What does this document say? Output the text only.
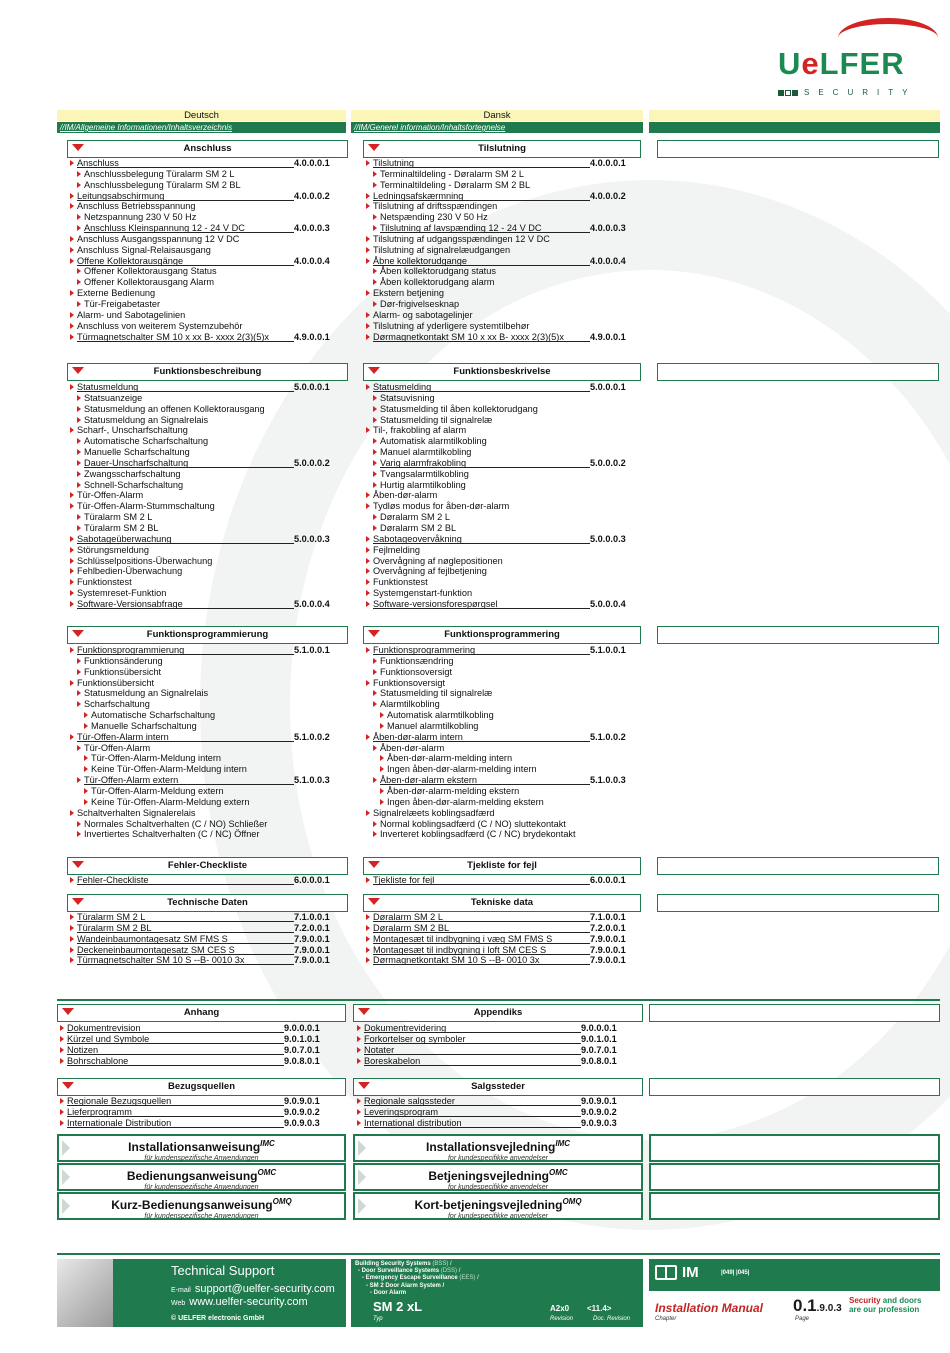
UeLFER
SECURITY
Deutsch	Dansk
//IM/Allgemeine Informationen/Inhaltsverzeichnis	//IM/Generel information/Inhaltsfortegnelse
Anschluss	Tilslutning
Anschluss	4.0.0.0.1
Anschlussbelegung Türalarm SM 2 L
Anschlussbelegung Türalarm SM 2 BL
Leitungsabschirmung	4.0.0.0.2
Anschluss Betriebsspannung
Netzspannung 230 V 50 Hz
Anschluss Kleinspannung 12 - 24 V DC	4.0.0.0.3
Anschluss Ausgangsspannung 12 V DC
Anschluss Signal-Relaisausgang
Offene Kollektorausgänge	4.0.0.0.4
Offener Kollektorausgang Status
Offener Kollektorausgang Alarm
Externe Bedienung
Tür-Freigabetaster
Alarm- und Sabotagelinien
Anschluss von weiterem Systemzubehör
Türmagnetschalter SM 10 x xx B- xxxx 2(3)(5)x	4.9.0.0.1
Tilslutning	4.0.0.0.1
Terminaltildeling - Døralarm SM 2 L
Terminaltildeling - Døralarm SM 2 BL
Ledningsafskærmning	4.0.0.0.2
Tilslutning af driftsspændingen
Netspænding 230 V 50 Hz
Tilslutning af lavspænding 12 - 24 V DC	4.0.0.0.3
Tilslutning af udgangsspændingen 12 V DC
Tilslutning af signalrelæudgangen
Åbne kollektorudgange	4.0.0.0.4
Åben kollektorudgang status
Åben kollektorudgang alarm
Ekstern betjening
Dør-frigivelsesknap
Alarm- og sabotagelinjer
Tilslutning af yderligere systemtilbehør
Dørmagnetkontakt SM 10 x xx B- xxxx 2(3)(5)x	4.9.0.0.1
Funktionsbeschreibung	Funktionsbeskrivelse
Statusmeldung	5.0.0.0.1
Statsuanzeige
Statusmeldung an offenen Kollektorausgang
Statusmeldung an Signalrelais
Scharf-, Unscharfschaltung
Automatische Scharfschaltung
Manuelle Scharfschaltung
Dauer-Unscharfschaltung	5.0.0.0.2
Zwangsscharfschaltung
Schnell-Scharfschaltung
Tür-Offen-Alarm
Tür-Offen-Alarm-Stummschaltung
Türalarm SM 2 L
Türalarm SM 2 BL
Sabotageüberwachung	5.0.0.0.3
Störungsmeldung
Schlüsselpositions-Überwachung
Fehlbedien-Überwachung
Funktionstest
Systemreset-Funktion
Software-Versionsabfrage	5.0.0.0.4
Statusmelding	5.0.0.0.1
Statsuvisning
Statusmelding til åben kollektorudgang
Statusmelding til signalrelæ
Til-, frakobling af alarm
Automatisk alarmtilkobling
Manuel alarmtilkobling
Varig alarmfrakobling	5.0.0.0.2
Tvangsalarmtilkobling
Hurtig alarmtilkobling
Åben-dør-alarm
Tydløs modus for åben-dør-alarm
Døralarm SM 2 L
Døralarm SM 2 BL
Sabotageovervåkning	5.0.0.0.3
Fejlmelding
Overvågning af nøglepositionen
Overvågning af fejlbetjening
Funktionstest
Systemgenstart-funktion
Software-versionsforespørgsel	5.0.0.0.4
Funktionsprogrammierung	Funktionsprogrammering
Funktionsprogrammierung	5.1.0.0.1
Funktionsänderung
Funktionsübersicht
Funktionsübersicht
Statusmeldung an Signalrelais
Scharfschaltung
Automatische Scharfschaltung
Manuelle Scharfschaltung
Tür-Offen-Alarm intern	5.1.0.0.2
Tür-Offen-Alarm
Tür-Offen-Alarm-Meldung intern
Keine Tür-Offen-Alarm-Meldung intern
Tür-Offen-Alarm extern	5.1.0.0.3
Tür-Offen-Alarm-Meldung extern
Keine Tür-Offen-Alarm-Meldung extern
Schaltverhalten Signalerelais
Normales Schaltverhalten (C / NO) Schließer
Invertiertes Schaltverhalten (C / NC) Öffner
Funktionsprogrammering	5.1.0.0.1
Funktionsændring
Funktionsoversigt
Funktionsoversigt
Statusmelding til signalrelæ
Alarmtilkobling
Automatisk alarmtilkobling
Manuel alarmtilkobling
Åben-dør-alarm intern	5.1.0.0.2
Åben-dør-alarm
Åben-dør-alarm-melding intern
Ingen åben-dør-alarm-melding intern
Åben-dør-alarm ekstern	5.1.0.0.3
Åben-dør-alarm-melding ekstern
Ingen åben-dør-alarm-melding ekstern
Signalrelæets koblingsadfærd
Normal koblingsadfærd (C / NO) sluttekontakt
Inverteret koblingsadfærd (C / NC) brydekontakt
Fehler-Checkliste	Tjekliste for fejl
Fehler-Checkliste	6.0.0.0.1	Tjekliste for fejl	6.0.0.0.1
Technische Daten	Tekniske data
Türalarm SM 2 L	7.1.0.0.1
Türalarm SM 2 BL	7.2.0.0.1
Wandeinbaumontagesatz SM FMS S	7.9.0.0.1
Deckeneinbaumontagesatz SM CES S	7.9.0.0.1
Türmagnetschalter SM 10 S --B- 0010 3x	7.9.0.0.1
Døralarm SM 2 L	7.1.0.0.1
Døralarm SM 2 BL	7.2.0.0.1
Montagesæt til indbygning i væg SM FMS S	7.9.0.0.1
Montagesæt til indbygning i loft SM CES S	7.9.0.0.1
Dørmagnetkontakt SM 10 S --B- 0010 3x	7.9.0.0.1
Anhang	Appendiks
Dokumentrevision	9.0.0.0.1
Kürzel und Symbole	9.0.1.0.1
Notizen	9.0.7.0.1
Bohrschablone	9.0.8.0.1
Dokumentrevidering	9.0.0.0.1
Forkortelser og symboler	9.0.1.0.1
Notater	9.0.7.0.1
Boreskabelon	9.0.8.0.1
Bezugsquellen	Salgssteder
Regionale Bezugsquellen	9.0.9.0.1
Lieferprogramm	9.0.9.0.2
Internationale Distribution	9.0.9.0.3
Regionale salgssteder	9.0.9.0.1
Leveringsprogram	9.0.9.0.2
International distribution	9.0.9.0.3
Installationsanweisung$^{IMC}$
für kundenspezifische Anwendungen
Installationsvejledning$^{IMC}$
for kundespecifikke anvendelser
Bedienungsanweisung$^{OMC}$
für kundenspezifische Anwendungen
Betjeningsvejledning$^{OMC}$
for kundespecifikke anvendelser
Kurz-Bedienungsanweisung$^{OMQ}$
für kundenspezifische Anwendungen
Kort-betjeningsvejledning$^{OMQ}$
for kundespecifikke anvendelser
Technical Support
E-mail support@uelfer-security.com
Web www.uelfer-security.com
© UELFER electronic GmbH
Building Security Systems (BSS) /
- Door Surveillance Systems (DSS) /
- Emergency Escape Surveillance (EES) /
- SM 2 Door Alarm System /
- Door Alarm
SM 2 xL
Typ
A2x0
Revision
<11.4>
Doc. Revision
IM	|049| |045|
Installation Manual
Chapter
0.1.9.0.3
Page
Security and doors
are our profession
